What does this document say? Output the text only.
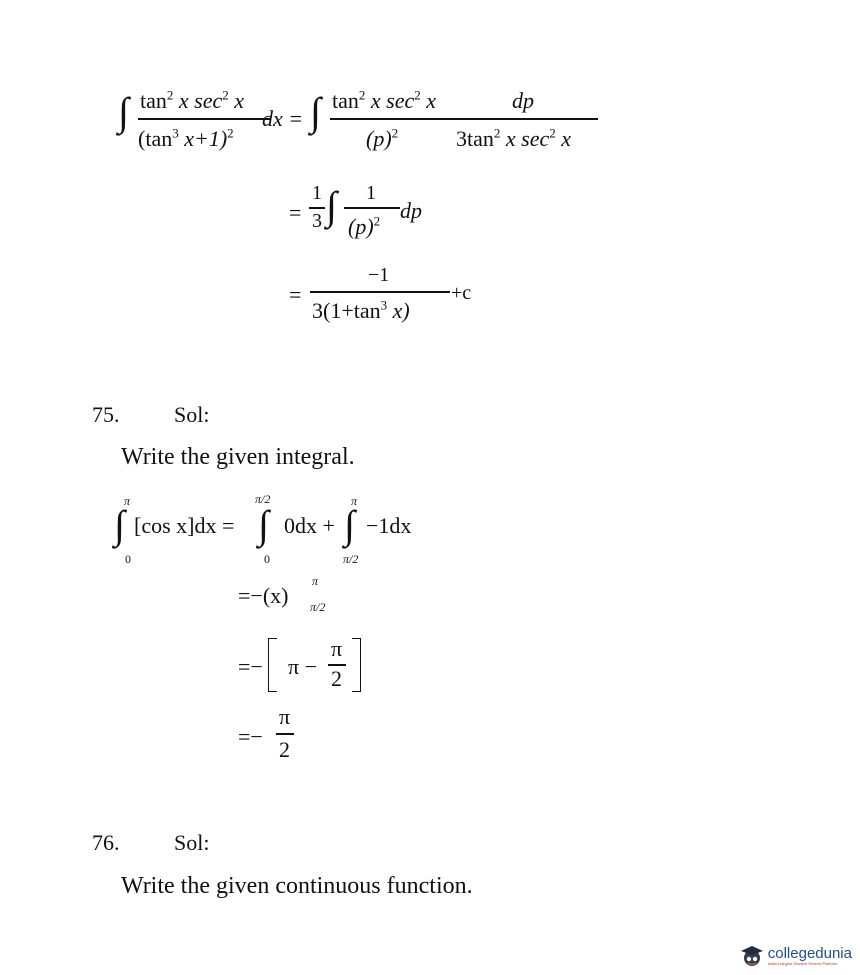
∫ $\tan^2 x$ $\sec^2 x$
($\tan^3$ x+1)$^2$
dx = ∫ $\tan^2 x$ $\sec^2 x$
$(p)^2$
dp
$3\tan^2$ x $\sec^2 x$
=
1
3 ∫ 1
$(p)^2$ dp
=
−1
$3(1+\tan^3$ x)
+c
75. Sol:
Write the given integral.
π
∫
0
[cos x]dx =
π/2
∫
0
0dx +
π
∫
π/2
−1dx
=−(x)
π
π/2
=− π −
π
2
=−
π
2
76. Sol:
Write the given continuous function.
collegedunia
India's largest Student Review Platform
